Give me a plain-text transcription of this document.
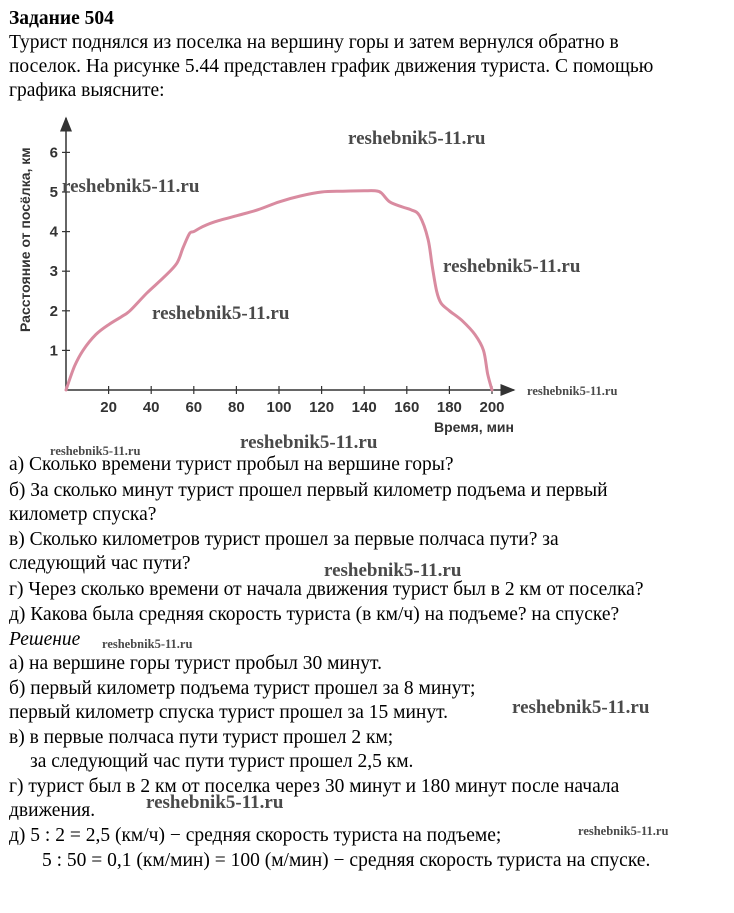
Задание 504
Турист поднялся из поселка на вершину горы и затем вернулся обратно в
поселок. На рисунке 5.44 представлен график движения туриста. С помощью
графика выясните:
20 40 60 80 100 120 140 160 180 200
1
2
3
4
5
6
Время, мин
Расстояние от посёлка, км
а) Сколько времени турист пробыл на вершине горы?
б) За сколько минут турист прошел первый километр подъема и первый
километр спуска?
в) Сколько километров турист прошел за первые полчаса пути? за
следующий час пути?
г) Через сколько времени от начала движения турист был в 2 км от поселка?
д) Какова была средняя скорость туриста (в км/ч) на подъеме? на спуске?
Решение
а) на вершине горы турист пробыл 30 минут.
б) первый километр подъема турист прошел за 8 минут;
первый километр спуска турист прошел за 15 минут.
в) в первые полчаса пути турист прошел 2 км;
за следующий час пути турист прошел 2,5 км.
г) турист был в 2 км от поселка через 30 минут и 180 минут после начала
движения.
д) 5 : 2 = 2,5 (км/ч) − средняя скорость туриста на подъеме;
5 : 50 = 0,1 (км/мин) = 100 (м/мин) − средняя скорость туриста на спуске.
reshebnik5-11.ru
reshebnik5-11.ru
reshebnik5-11.ru
reshebnik5-11.ru
reshebnik5-11.ru
reshebnik5-11.ru
reshebnik5-11.ru
reshebnik5-11.ru
reshebnik5-11.ru
reshebnik5-11.ru
reshebnik5-11.ru
reshebnik5-11.ru
